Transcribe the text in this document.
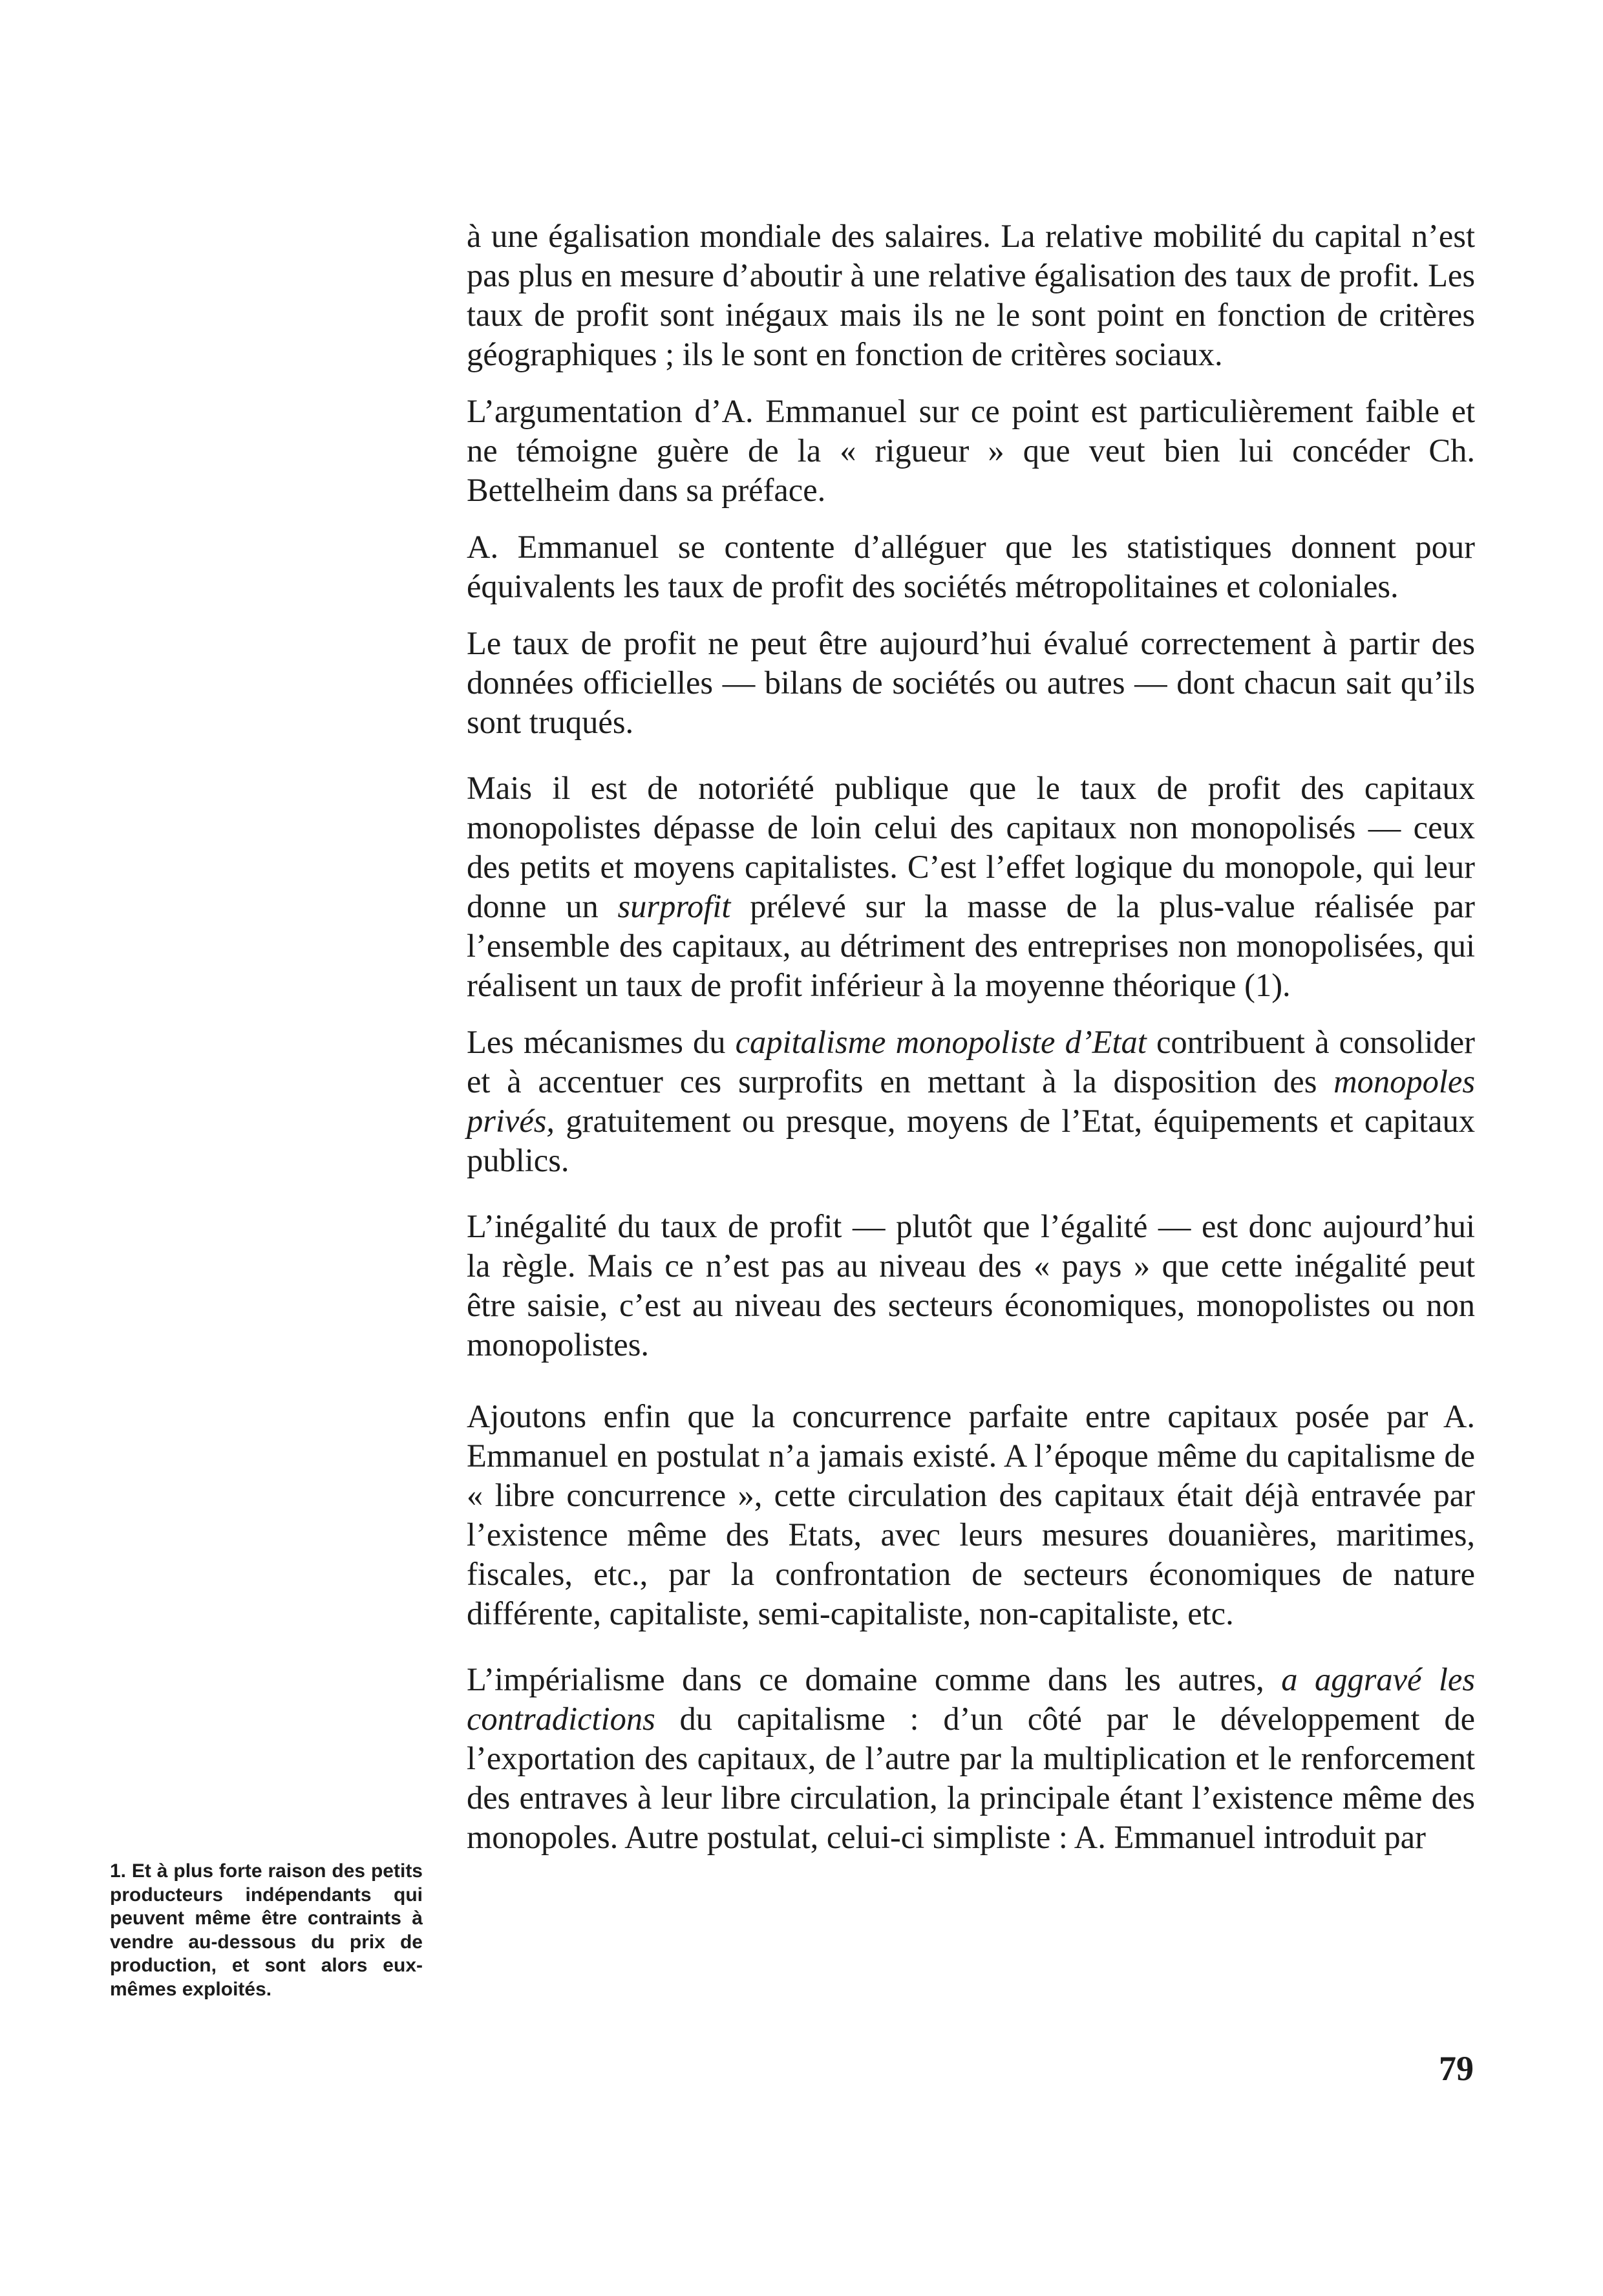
à une égalisation mondiale des salaires. La relative mobilité du capital n’est pas plus en mesure d’aboutir à une relative égalisation des taux de profit. Les taux de profit sont inégaux mais ils ne le sont point en fonction de critères géographiques ; ils le sont en fonction de critères sociaux.

L’argumentation d’A. Emmanuel sur ce point est particulièrement faible et ne témoigne guère de la « rigueur » que veut bien lui concéder Ch. Bettelheim dans sa préface.

A. Emmanuel se contente d’alléguer que les statistiques donnent pour équivalents les taux de profit des sociétés métropolitaines et coloniales.

Le taux de profit ne peut être aujourd’hui évalué correctement à partir des données officielles — bilans de sociétés ou autres — dont chacun sait qu’ils sont truqués.

Mais il est de notoriété publique que le taux de profit des capitaux monopolistes dépasse de loin celui des capitaux non monopolisés — ceux des petits et moyens capitalistes. C’est l’effet logique du monopole, qui leur donne un surprofit prélevé sur la masse de la plus-value réalisée par l’ensemble des capitaux, au détriment des entreprises non monopolisées, qui réalisent un taux de profit inférieur à la moyenne théorique (1).

Les mécanismes du capitalisme monopoliste d’Etat contribuent à consolider et à accentuer ces surprofits en mettant à la disposition des monopoles privés, gratuitement ou presque, moyens de l’Etat, équipements et capitaux publics.

L’inégalité du taux de profit — plutôt que l’égalité — est donc aujourd’hui la règle. Mais ce n’est pas au niveau des « pays » que cette inégalité peut être saisie, c’est au niveau des secteurs économiques, monopolistes ou non monopolistes.

Ajoutons enfin que la concurrence parfaite entre capitaux posée par A. Emmanuel en postulat n’a jamais existé. A l’époque même du capitalisme de « libre concurrence », cette circulation des capitaux était déjà entravée par l’existence même des Etats, avec leurs mesures douanières, maritimes, fiscales, etc., par la confrontation de secteurs économiques de nature différente, capitaliste, semi-capitaliste, non-capitaliste, etc.

L’impérialisme dans ce domaine comme dans les autres, a aggravé les contradictions du capitalisme : d’un côté par le développement de l’exportation des capitaux, de l’autre par la multiplication et le renforcement des entraves à leur libre circulation, la principale étant l’existence même des monopoles. Autre postulat, celui-ci simpliste : A. Emmanuel introduit par

1. Et à plus forte raison des petits producteurs indépendants qui peuvent même être contraints à vendre au-dessous du prix de production, et sont alors eux-mêmes exploités.
79
